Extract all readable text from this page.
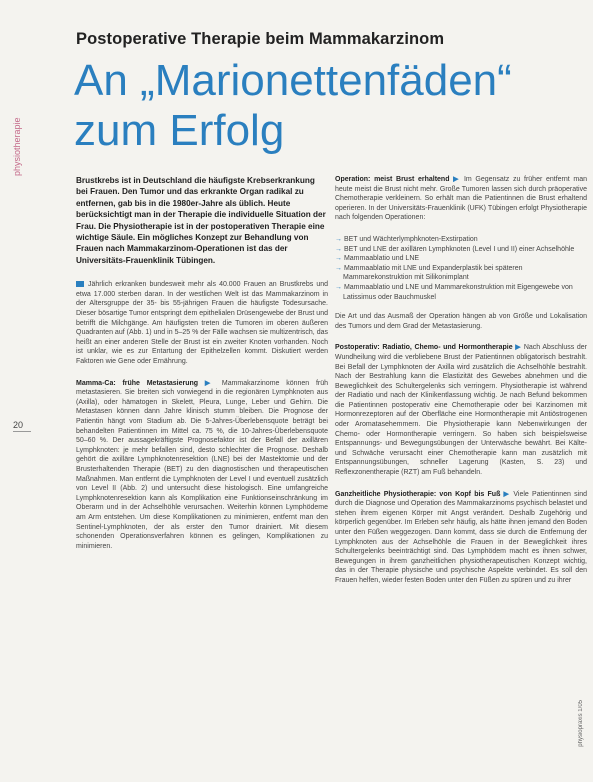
physiotherapie
20
Postoperative Therapie beim Mammakarzinom
An „Marionettenfäden“
zum Erfolg

Brustkrebs ist in Deutschland die häufigste Krebserkrankung bei Frauen. Den Tumor und das erkrankte Organ radikal zu entfernen, gab bis in die 1980er-Jahre als üblich. Heute berücksichtigt man in der Therapie die individuelle Situation der Frau. Die Physiotherapie ist in der postoperativen Therapie eine wichtige Säule. Ein mögliches Konzept zur Behandlung von Frauen nach Mammakarzinom-Operationen ist das der Universitäts-Frauenklinik Tübingen.

Jährlich erkranken bundesweit mehr als 40.000 Frauen an Brustkrebs und etwa 17.000 sterben daran. In der westlichen Welt ist das Mammakarzinom in der Altersgruppe der 35- bis 55-jährigen Frauen die häufigste Todesursache. Dieser bösartige Tumor entspringt dem epithelialen Drüsengewebe der Brust und betrifft die Milchgänge. Am häufigsten treten die Tumoren im oberen äußeren Quadranten auf (Abb. 1) und in 5–25 % der Fälle wachsen sie multizentrisch, das heißt an einer anderen Stelle der Brust ist ein zweiter Knoten vorhanden. Noch ist unklar, wie es zur Entartung der Epithelzellen kommt. Diskutiert werden Faktoren wie Gene oder Ernährung.

Mamma-Ca: frühe Metastasierung ▶ Mammakarzinome können früh metastasieren. Sie breiten sich vorwiegend in die regionären Lymphknoten aus (Axilla), oder hämatogen in Skelett, Pleura, Lunge, Leber und Gehirn. Die Metastasen können dann Jahre klinisch stumm bleiben. Die Prognose der Patientin hängt vom Stadium ab. Die 5-Jahres-Überlebensquote beträgt bei behandelten Patientinnen im Mittel ca. 75 %, die 10-Jahres-Überlebensquote 50–60 %. Der aussagekräftigste Prognosefaktor ist der Befall der axillären Lymphknoten: je mehr befallen sind, desto schlechter die Prognose. Deshalb gehört die axilläre Lymphknotenresektion (LNE) bei der Mastektomie und der Brusterhaltenden Therapie (BET) zu den diagnostischen und therapeutischen Maßnahmen. Man entfernt die Lymphknoten der Level I und eventuell zusätzlich von Level II (Abb. 2) und untersucht diese histologisch. Eine umfangreiche Lymphknotenresektion kann als Komplikation eine Funktionseinschränkung im Oberarm und in der Achselhöhle verursachen. Weiterhin können Lymphödeme am Arm entstehen. Um diese Komplikationen zu minimieren, entfernt man den Sentinel-Lymphknoten, der als erster den Tumor drainiert. Mit diesem schonenden Operationsverfahren können es gelingen, Komplikationen zu minimieren.

Operation: meist Brust erhaltend ▶ Im Gegensatz zu früher entfernt man heute meist die Brust nicht mehr. Große Tumoren lassen sich durch präoperative Chemotherapie verkleinern. So erhält man die Patientinnen die Brust erhaltend operieren. In der Universitäts-Frauenklinik (UFK) Tübingen erfolgt Physiotherapie nach folgenden Operationen:

→ BET und Wächterlymphknoten-Exstirpation
→ BET und LNE der axillären Lymphknoten (Level I und II) einer Achselhöhle
→ Mammaablatio und LNE
→ Mammaablatio mit LNE und Expanderplastik bei späteren Mammarekonstruktion mit Silikonimplant
→ Mammaablatio und LNE und Mammarekonstruktion mit Eigengewebe von Latissimus oder Bauchmuskel

Die Art und das Ausmaß der Operation hängen ab von Größe und Lokalisation des Tumors und dem Grad der Metastasierung.

Postoperativ: Radiatio, Chemo- und Hormontherapie ▶ Nach Abschluss der Wundheilung wird die verbliebene Brust der Patientinnen obligatorisch bestrahlt. Bei Befall der Lymphknoten der Axilla wird zusätzlich die Achselhöhle bestrahlt. Nach der Bestrahlung kann die Elastizität des Gewebes abnehmen und die Beweglichkeit des Schultergelenks sich verringern. Physiotherapie ist während der Radiatio und nach der Klinikentlassung wichtig. Je nach Befund bekommen die Patientinnen postoperativ eine Chemotherapie oder bei Karzinomen mit Hormonrezeptoren auf der Oberfläche eine Hormontherapie mit Antiöstrogenen oder Aromatasehemmern. Die Physiotherapie kann Nebenwirkungen der Chemo- oder Hormontherapie verringern. So haben sich beispielsweise Entspannungs- und Bewegungsübungen der Unterwäsche bewährt. Bei Kälte- und Schwäche verursacht einer Chemotherapie kann man zusätzlich mit Entspannungsübungen, schneller Lagerung (Kasten, S. 23) und Reflexzonentherapie (RZT) am Fuß behandeln.

Ganzheitliche Physiotherapie: von Kopf bis Fuß ▶ Viele Patientinnen sind durch die Diagnose und Operation des Mammakarzinoms psychisch belastet und stehen ihrem eigenen Körper mit Angst verändert. Deshalb Zugehörig und körperlich gegenüber. Im Erleben sehr häufig, als hätte ihnen jemand den Boden unter den Füßen weggezogen. Dann kommt, dass sie durch die Entfernung der Lymphknoten aus der Achselhöhle die Frauen in der Beweglichkeit ihres Schultergelenks beeinträchtigt sind. Das Lymphödem macht es ihnen schwer, Bewegungen in ihrem ganzheitlichen physiotherapeutischen Konzept wichtig, das in der Therapie physische und psychische Aspekte verbindet. Es soll den Frauen helfen, wieder festen Boden unter den Füßen zu spüren und zu ihrer

physiopraxis 1/05
